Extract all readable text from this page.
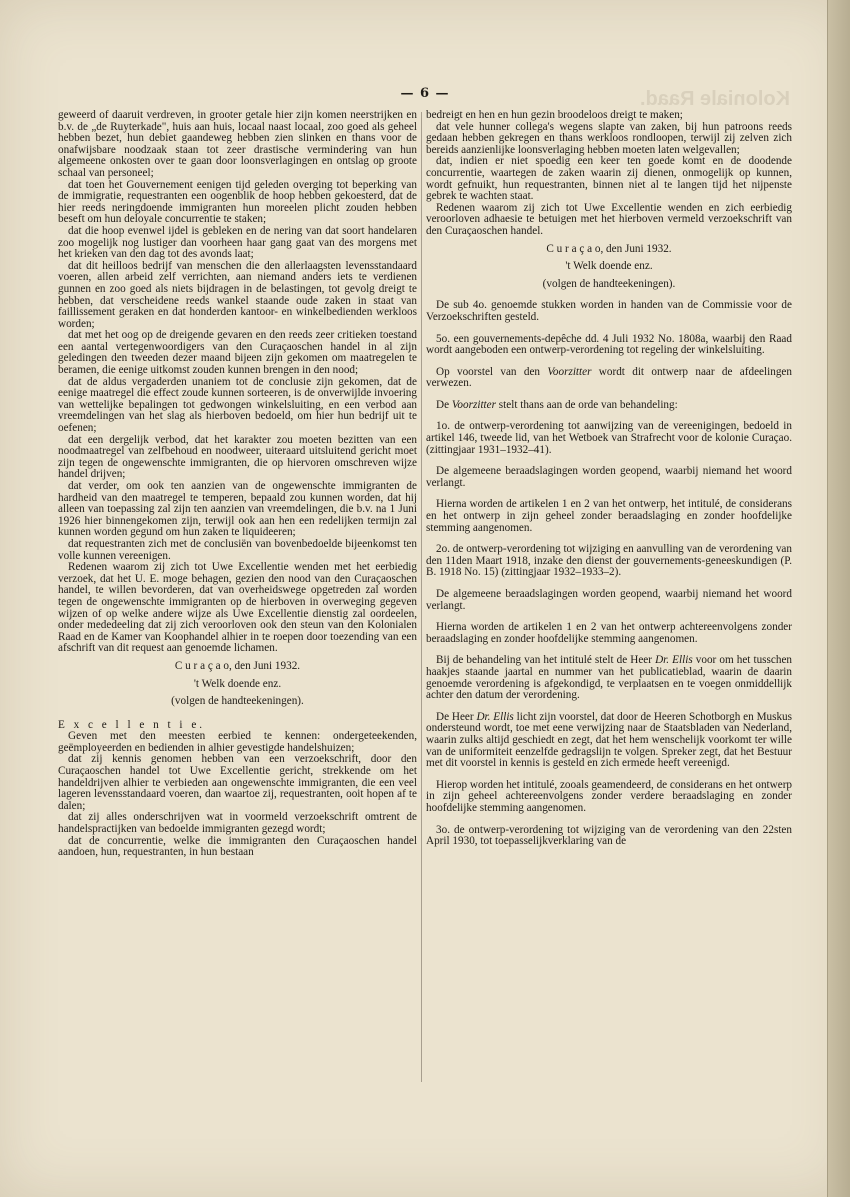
Koloniale Raad.
— 6 —

geweerd of daaruit verdreven, in grooter getale hier zijn komen neerstrijken en b.v. de „de Ruyterkade", huis aan huis, locaal naast locaal, zoo goed als geheel hebben bezet, hun debiet gaandeweg hebben zien slinken en thans voor de onafwijsbare noodzaak staan tot zeer drastische vermindering van hun algemeene onkosten over te gaan door loonsverlagingen en ontslag op groote schaal van personeel;

dat toen het Gouvernement eenigen tijd geleden overging tot beperking van de immigratie, requestranten een oogenblik de hoop hebben gekoesterd, dat de hier reeds neringdoende immigranten hun moreelen plicht zouden hebben beseft om hun deloyale concurrentie te staken;

dat die hoop evenwel ijdel is gebleken en de nering van dat soort handelaren zoo mogelijk nog lustiger dan voorheen haar gang gaat van des morgens met het krieken van den dag tot des avonds laat;

dat dit heilloos bedrijf van menschen die den allerlaagsten levensstandaard voeren, allen arbeid zelf verrichten, aan niemand anders iets te verdienen gunnen en zoo goed als niets bijdragen in de belastingen, tot gevolg dreigt te hebben, dat verscheidene reeds wankel staande oude zaken in staat van faillissement geraken en dat honderden kantoor- en winkelbedienden werkloos worden;

dat met het oog op de dreigende gevaren en den reeds zeer critieken toestand een aantal vertegenwoordigers van den Curaçaoschen handel in al zijn geledingen den tweeden dezer maand bijeen zijn gekomen om maatregelen te beramen, die eenige uitkomst zouden kunnen brengen in den nood;

dat de aldus vergaderden unaniem tot de conclusie zijn gekomen, dat de eenige maatregel die effect zoude kunnen sorteeren, is de onverwijlde invoering van wettelijke bepalingen tot gedwongen winkelsluiting, en een verbod aan vreemdelingen van het slag als hierboven bedoeld, om hier hun bedrijf uit te oefenen;

dat een dergelijk verbod, dat het karakter zou moeten bezitten van een noodmaatregel van zelfbehoud en noodweer, uiteraard uitsluitend gericht moet zijn tegen de ongewenschte immigranten, die op hiervoren omschreven wijze handel drijven;

dat verder, om ook ten aanzien van de ongewenschte immigranten de hardheid van den maatregel te temperen, bepaald zou kunnen worden, dat hij alleen van toepassing zal zijn ten aanzien van vreemdelingen, die b.v. na 1 Juni 1926 hier binnengekomen zijn, terwijl ook aan hen een redelijken termijn zal kunnen worden gegund om hun zaken te liquideeren;

dat requestranten zich met de conclusiën van bovenbedoelde bijeenkomst ten volle kunnen vereenigen.

Redenen waarom zij zich tot Uwe Excellentie wenden met het eerbiedig verzoek, dat het U. E. moge behagen, gezien den nood van den Curaçaoschen handel, te willen bevorderen, dat van overheidswege opgetreden zal worden tegen de ongewenschte immigranten op de hierboven in overweging gegeven wijzen of op welke andere wijze als Uwe Excellentie dienstig zal oordeelen, onder mededeeling dat zij zich veroorloven ook den steun van den Kolonialen Raad en de Kamer van Koophandel alhier in te roepen door toezending van een afschrift van dit request aan genoemde lichamen.

C u r a ç a o, den Juni 1932.

't Welk doende enz.

(volgen de handteekeningen).

E x c e l l e n t i e.

Geven met den meesten eerbied te kennen: ondergeteekenden, geëmployeerden en bedienden in alhier gevestigde handelshuizen;

dat zij kennis genomen hebben van een verzoekschrift, door den Curaçaoschen handel tot Uwe Excellentie gericht, strekkende om het handeldrijven alhier te verbieden aan ongewenschte immigranten, die een veel lageren levensstandaard voeren, dan waartoe zij, requestranten, ooit hopen af te dalen;

dat zij alles onderschrijven wat in voormeld verzoekschrift omtrent de handelspractijken van bedoelde immigranten gezegd wordt;

dat de concurrentie, welke die immigranten den Curaçaoschen handel aandoen, hun, requestranten, in hun bestaan

bedreigt en hen en hun gezin broodeloos dreigt te maken;

dat vele hunner collega's wegens slapte van zaken, bij hun patroons reeds gedaan hebben gekregen en thans werkloos rondloopen, terwijl zij zelven zich bereids aanzienlijke loonsverlaging hebben moeten laten welgevallen;

dat, indien er niet spoedig een keer ten goede komt en de doodende concurrentie, waartegen de zaken waarin zij dienen, onmogelijk op kunnen, wordt gefnuikt, hun requestranten, binnen niet al te langen tijd het nijpenste gebrek te wachten staat.

Redenen waarom zij zich tot Uwe Excellentie wenden en zich eerbiedig veroorloven adhaesie te betuigen met het hierboven vermeld verzoekschrift van den Curaçaoschen handel.

C u r a ç a o, den Juni 1932.

't Welk doende enz.

(volgen de handteekeningen).

De sub 4o. genoemde stukken worden in handen van de Commissie voor de Verzoekschriften gesteld.

5o. een gouvernements-depêche dd. 4 Juli 1932 No. 1808a, waarbij den Raad wordt aangeboden een ontwerp-verordening tot regeling der winkelsluiting.

Op voorstel van den Voorzitter wordt dit ontwerp naar de afdeelingen verwezen.

De Voorzitter stelt thans aan de orde van behandeling:

1o. de ontwerp-verordening tot aanwijzing van de vereenigingen, bedoeld in artikel 146, tweede lid, van het Wetboek van Strafrecht voor de kolonie Curaçao. (zittingjaar 1931–1932–41).

De algemeene beraadslagingen worden geopend, waarbij niemand het woord verlangt.

Hierna worden de artikelen 1 en 2 van het ontwerp, het intitulé, de considerans en het ontwerp in zijn geheel zonder beraadslaging en zonder hoofdelijke stemming aangenomen.

2o. de ontwerp-verordening tot wijziging en aanvulling van de verordening van den 11den Maart 1918, inzake den dienst der gouvernements-geneeskundigen (P. B. 1918 No. 15) (zittingjaar 1932–1933–2).

De algemeene beraadslagingen worden geopend, waarbij niemand het woord verlangt.

Hierna worden de artikelen 1 en 2 van het ontwerp achtereenvolgens zonder beraadslaging en zonder hoofdelijke stemming aangenomen.

Bij de behandeling van het intitulé stelt de Heer Dr. Ellis voor om het tusschen haakjes staande jaartal en nummer van het publicatieblad, waarin de daarin genoemde verordening is afgekondigd, te verplaatsen en te voegen onmiddellijk achter den datum der verordening.

De Heer Dr. Ellis licht zijn voorstel, dat door de Heeren Schotborgh en Muskus ondersteund wordt, toe met eene verwijzing naar de Staatsbladen van Nederland, waarin zulks altijd geschiedt en zegt, dat het hem wenschelijk voorkomt ter wille van de uniformiteit eenzelfde gedragslijn te volgen. Spreker zegt, dat het Bestuur met dit voorstel in kennis is gesteld en zich ermede heeft vereenigd.

Hierop worden het intitulé, zooals geamendeerd, de considerans en het ontwerp in zijn geheel achtereenvolgens zonder verdere beraadslaging en zonder hoofdelijke stemming aangenomen.

3o. de ontwerp-verordening tot wijziging van de verordening van den 22sten April 1930, tot toepasselijkverklaring van de
